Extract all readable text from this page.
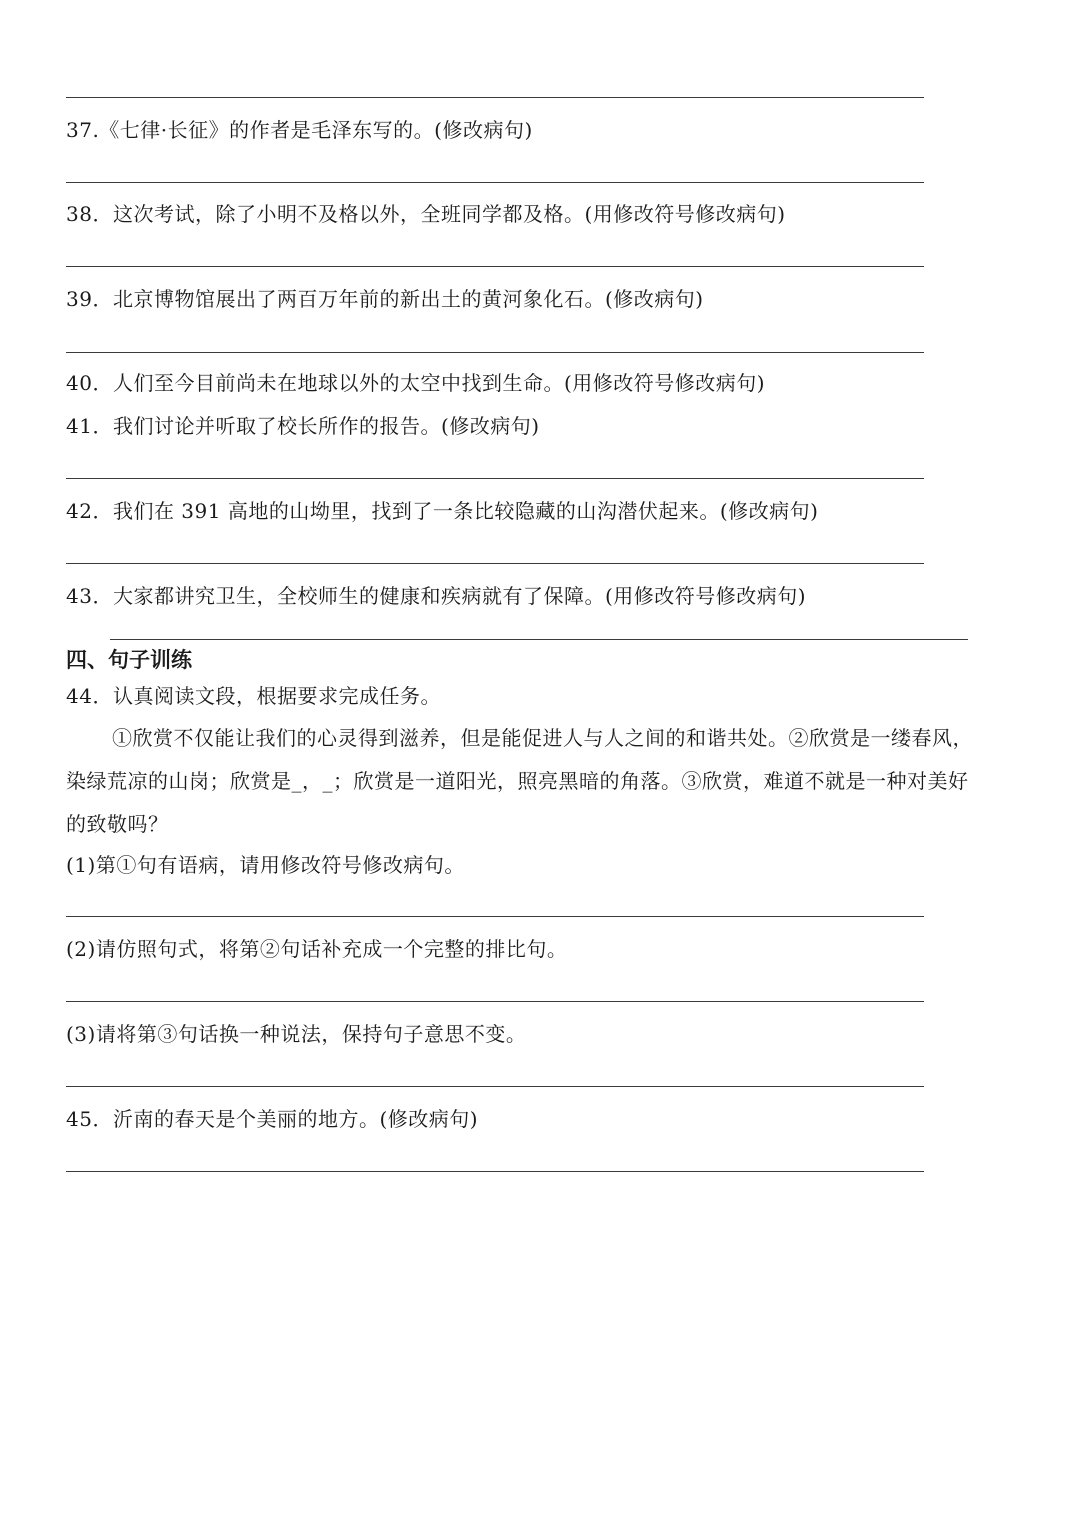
37.《七律·长征》的作者是毛泽东写的。(修改病句)
38．这次考试，除了小明不及格以外，全班同学都及格。(用修改符号修改病句)
39．北京博物馆展出了两百万年前的新出土的黄河象化石。(修改病句)
40．人们至今目前尚未在地球以外的太空中找到生命。(用修改符号修改病句)
41．我们讨论并听取了校长所作的报告。(修改病句)
42．我们在 391 高地的山坳里，找到了一条比较隐藏的山沟潜伏起来。(修改病句)
43．大家都讲究卫生，全校师生的健康和疾病就有了保障。(用修改符号修改病句)
四、句子训练
44．认真阅读文段，根据要求完成任务。
①欣赏不仅能让我们的心灵得到滋养，但是能促进人与人之间的和谐共处。②欣赏是一缕春风，
染绿荒凉的山岗；欣赏是_，_；欣赏是一道阳光，照亮黑暗的角落。③欣赏，难道不就是一种对美好
的致敬吗？
(1)第①句有语病，请用修改符号修改病句。
(2)请仿照句式，将第②句话补充成一个完整的排比句。
(3)请将第③句话换一种说法，保持句子意思不变。
45．沂南的春天是个美丽的地方。(修改病句)
